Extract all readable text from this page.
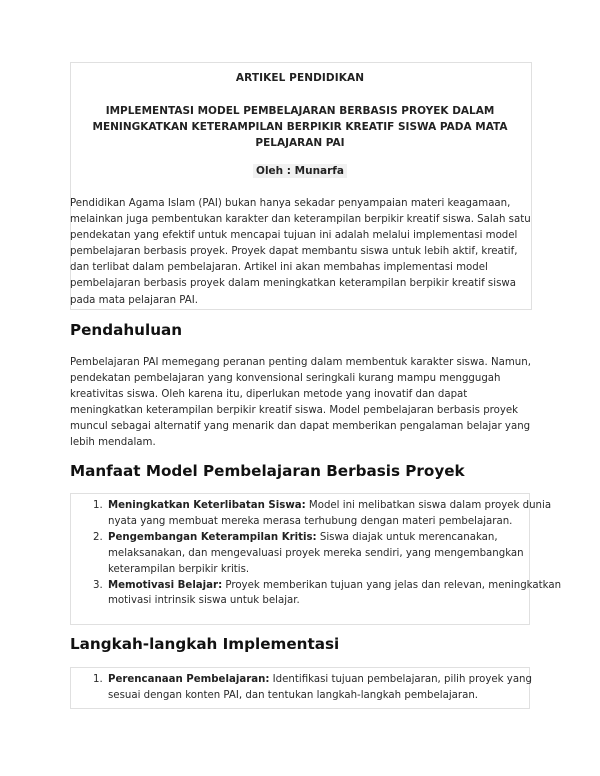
ARTIKEL PENDIDIKAN
IMPLEMENTASI MODEL PEMBELAJARAN BERBASIS PROYEK DALAM MENINGKATKAN KETERAMPILAN BERPIKIR KREATIF SISWA PADA MATA PELAJARAN PAI
Oleh : Munarfa
Pendidikan Agama Islam (PAI) bukan hanya sekadar penyampaian materi keagamaan, melainkan juga pembentukan karakter dan keterampilan berpikir kreatif siswa. Salah satu pendekatan yang efektif untuk mencapai tujuan ini adalah melalui implementasi model pembelajaran berbasis proyek. Proyek dapat membantu siswa untuk lebih aktif, kreatif, dan terlibat dalam pembelajaran. Artikel ini akan membahas implementasi model pembelajaran berbasis proyek dalam meningkatkan keterampilan berpikir kreatif siswa pada mata pelajaran PAI.
Pendahuluan
Pembelajaran PAI memegang peranan penting dalam membentuk karakter siswa. Namun, pendekatan pembelajaran yang konvensional seringkali kurang mampu menggugah kreativitas siswa. Oleh karena itu, diperlukan metode yang inovatif dan dapat meningkatkan keterampilan berpikir kreatif siswa. Model pembelajaran berbasis proyek muncul sebagai alternatif yang menarik dan dapat memberikan pengalaman belajar yang lebih mendalam.
Manfaat Model Pembelajaran Berbasis Proyek
1. Meningkatkan Keterlibatan Siswa: Model ini melibatkan siswa dalam proyek dunia nyata yang membuat mereka merasa terhubung dengan materi pembelajaran.
2. Pengembangan Keterampilan Kritis: Siswa diajak untuk merencanakan, melaksanakan, dan mengevaluasi proyek mereka sendiri, yang mengembangkan keterampilan berpikir kritis.
3. Memotivasi Belajar: Proyek memberikan tujuan yang jelas dan relevan, meningkatkan motivasi intrinsik siswa untuk belajar.
Langkah-langkah Implementasi
1. Perencanaan Pembelajaran: Identifikasi tujuan pembelajaran, pilih proyek yang sesuai dengan konten PAI, dan tentukan langkah-langkah pembelajaran.
